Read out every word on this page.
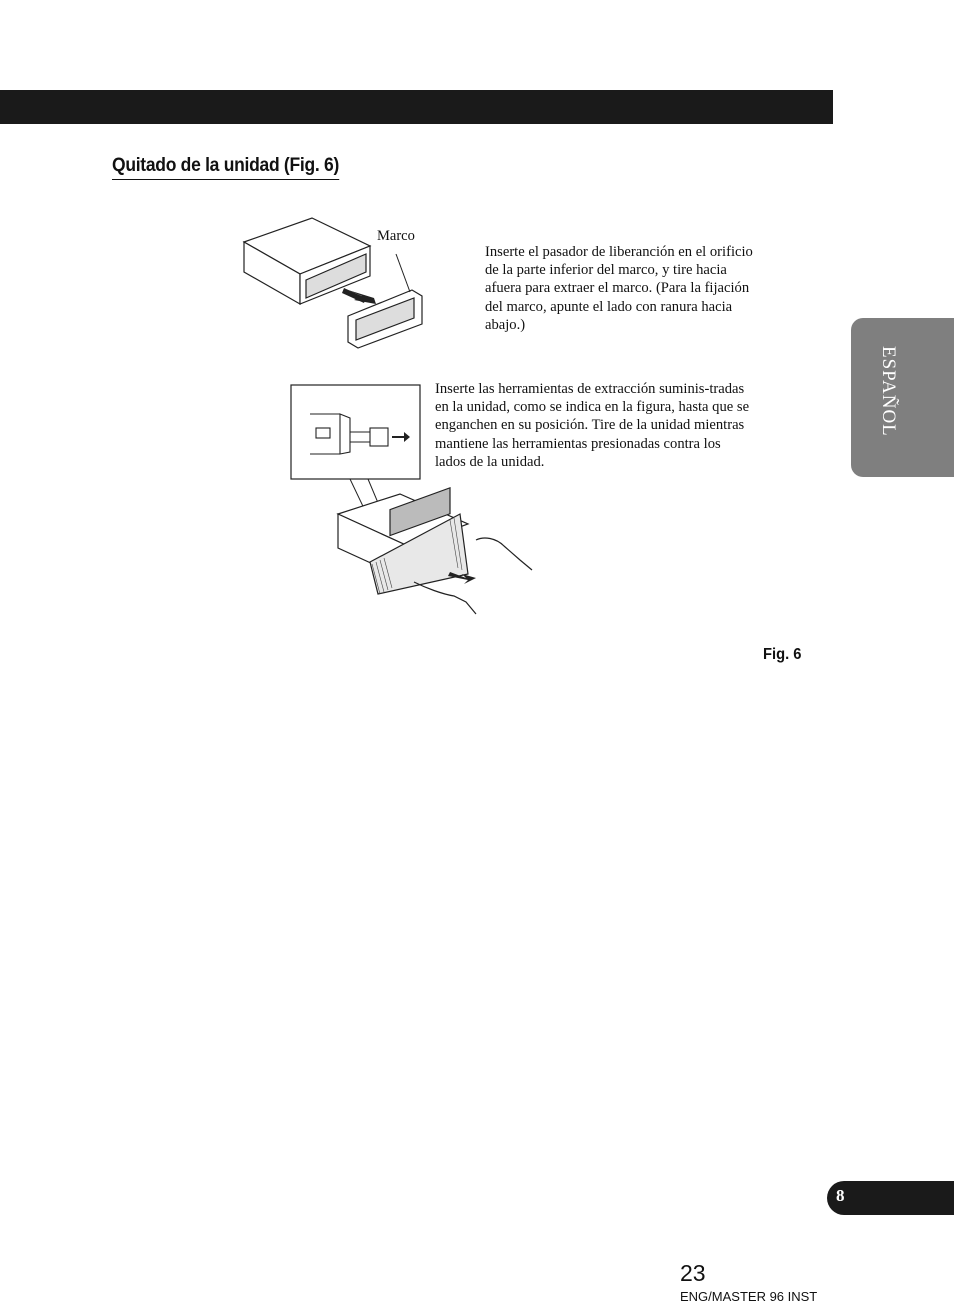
Quitado de la unidad (Fig. 6)
Marco

Inserte el pasador de liberanción en el orificio de la parte inferior del marco, y tire hacia afuera para extraer el marco. (Para la fijación del marco, apunte el lado con ranura hacia abajo.)

Inserte las herramientas de extracción suminis-tradas en la unidad, como se indica en la figura, hasta que se enganchen en su posición. Tire de la unidad mientras mantiene las herramientas presionadas contra los lados de la unidad.

Fig. 6
ESPAÑOL
8
23
ENG/MASTER 96 INST
